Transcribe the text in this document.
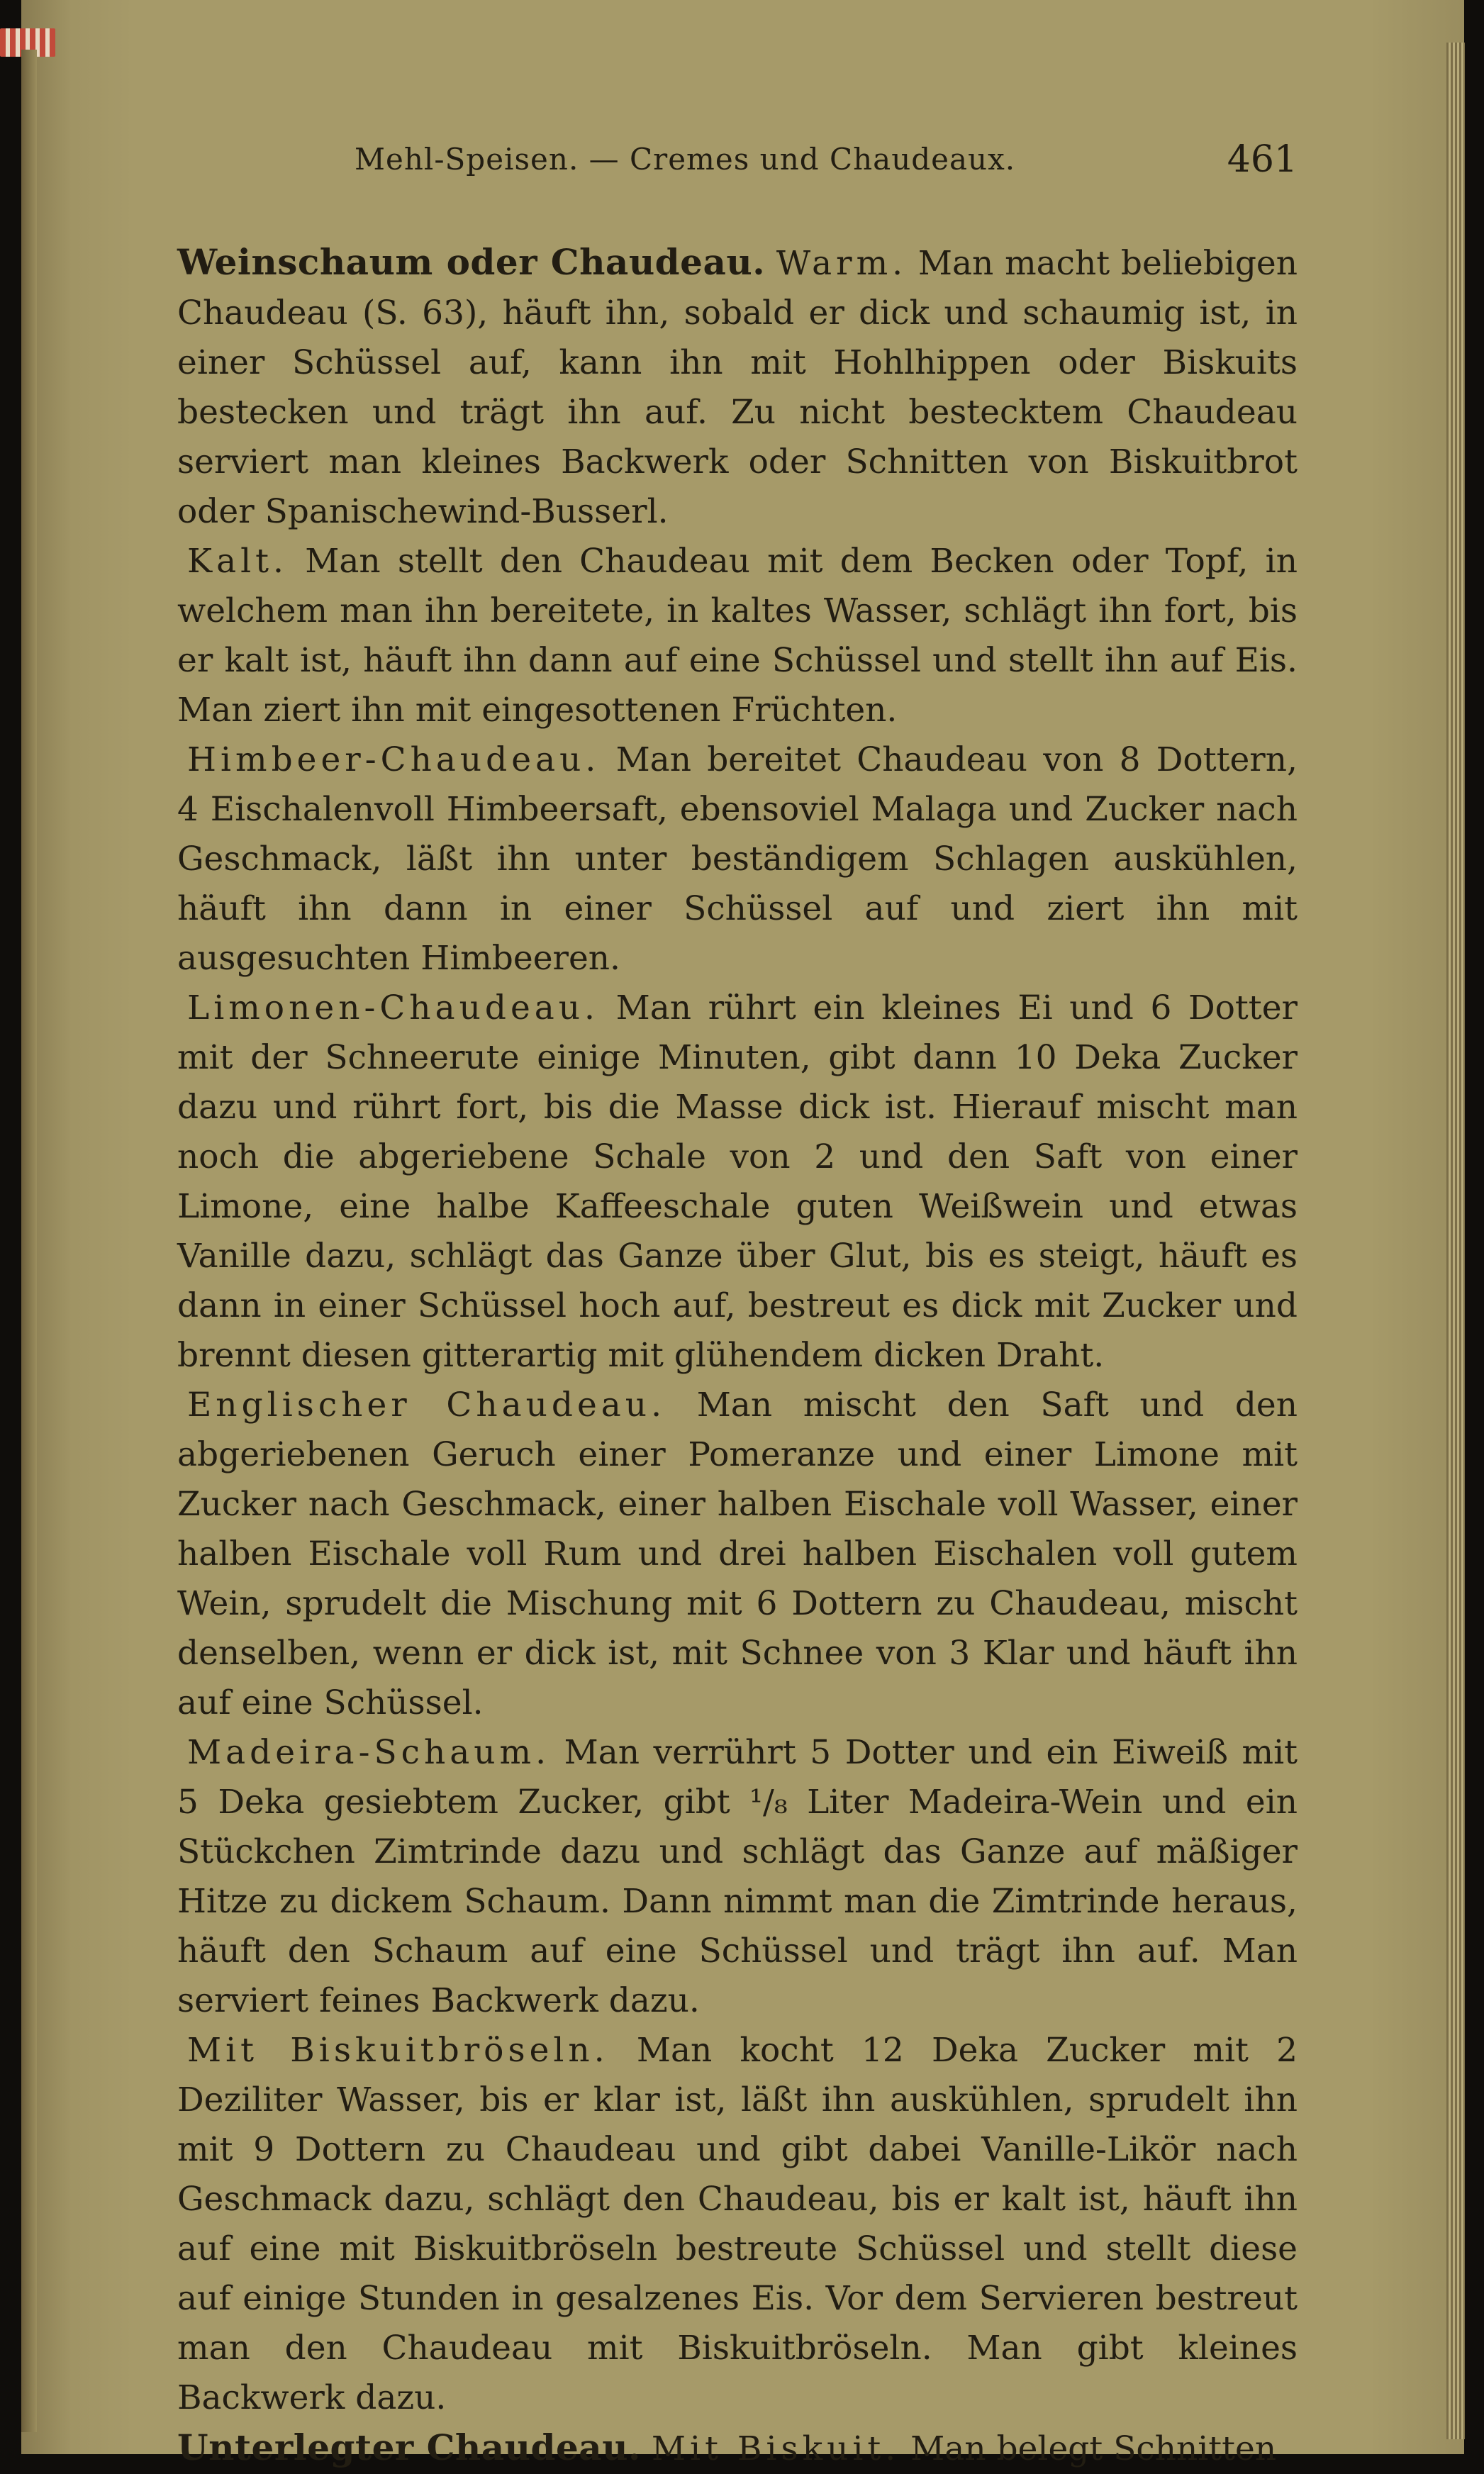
Mehl-Speisen. — Cremes und Chaudeaux.	461

Weinschaum oder Chaudeau. Warm. Man macht beliebigen Chaudeau (S. 63), häuft ihn, sobald er dick und schaumig ist, in einer Schüssel auf, kann ihn mit Hohlhippen oder Biskuits bestecken und trägt ihn auf. Zu nicht bestecktem Chaudeau serviert man kleines Backwerk oder Schnitten von Biskuitbrot oder Spanischewind-Busserl.

Kalt. Man stellt den Chaudeau mit dem Becken oder Topf, in welchem man ihn bereitete, in kaltes Wasser, schlägt ihn fort, bis er kalt ist, häuft ihn dann auf eine Schüssel und stellt ihn auf Eis. Man ziert ihn mit eingesottenen Früchten.

Himbeer-Chaudeau. Man bereitet Chaudeau von 8 Dottern, 4 Eischalenvoll Himbeersaft, ebensoviel Malaga und Zucker nach Geschmack, läßt ihn unter beständigem Schlagen auskühlen, häuft ihn dann in einer Schüssel auf und ziert ihn mit ausgesuchten Himbeeren.

Limonen-Chaudeau. Man rührt ein kleines Ei und 6 Dotter mit der Schneerute einige Minuten, gibt dann 10 Deka Zucker dazu und rührt fort, bis die Masse dick ist. Hierauf mischt man noch die abgeriebene Schale von 2 und den Saft von einer Limone, eine halbe Kaffeeschale guten Weißwein und etwas Vanille dazu, schlägt das Ganze über Glut, bis es steigt, häuft es dann in einer Schüssel hoch auf, bestreut es dick mit Zucker und brennt diesen gitterartig mit glühendem dicken Draht.

Englischer Chaudeau. Man mischt den Saft und den abgeriebenen Geruch einer Pomeranze und einer Limone mit Zucker nach Geschmack, einer halben Eischale voll Wasser, einer halben Eischale voll Rum und drei halben Eischalen voll gutem Wein, sprudelt die Mischung mit 6 Dottern zu Chaudeau, mischt denselben, wenn er dick ist, mit Schnee von 3 Klar und häuft ihn auf eine Schüssel.

Madeira-Schaum. Man verrührt 5 Dotter und ein Eiweiß mit 5 Deka gesiebtem Zucker, gibt ¹/₈ Liter Madeira-Wein und ein Stückchen Zimtrinde dazu und schlägt das Ganze auf mäßiger Hitze zu dickem Schaum. Dann nimmt man die Zimtrinde heraus, häuft den Schaum auf eine Schüssel und trägt ihn auf. Man serviert feines Backwerk dazu.

Mit Biskuitbröseln. Man kocht 12 Deka Zucker mit 2 Deziliter Wasser, bis er klar ist, läßt ihn auskühlen, sprudelt ihn mit 9 Dottern zu Chaudeau und gibt dabei Vanille-Likör nach Geschmack dazu, schlägt den Chaudeau, bis er kalt ist, häuft ihn auf eine mit Biskuitbröseln bestreute Schüssel und stellt diese auf einige Stunden in gesalzenes Eis. Vor dem Servieren bestreut man den Chaudeau mit Biskuitbröseln. Man gibt kleines Backwerk dazu.

Unterlegter Chaudeau. Mit Biskuit. Man belegt Schnitten
